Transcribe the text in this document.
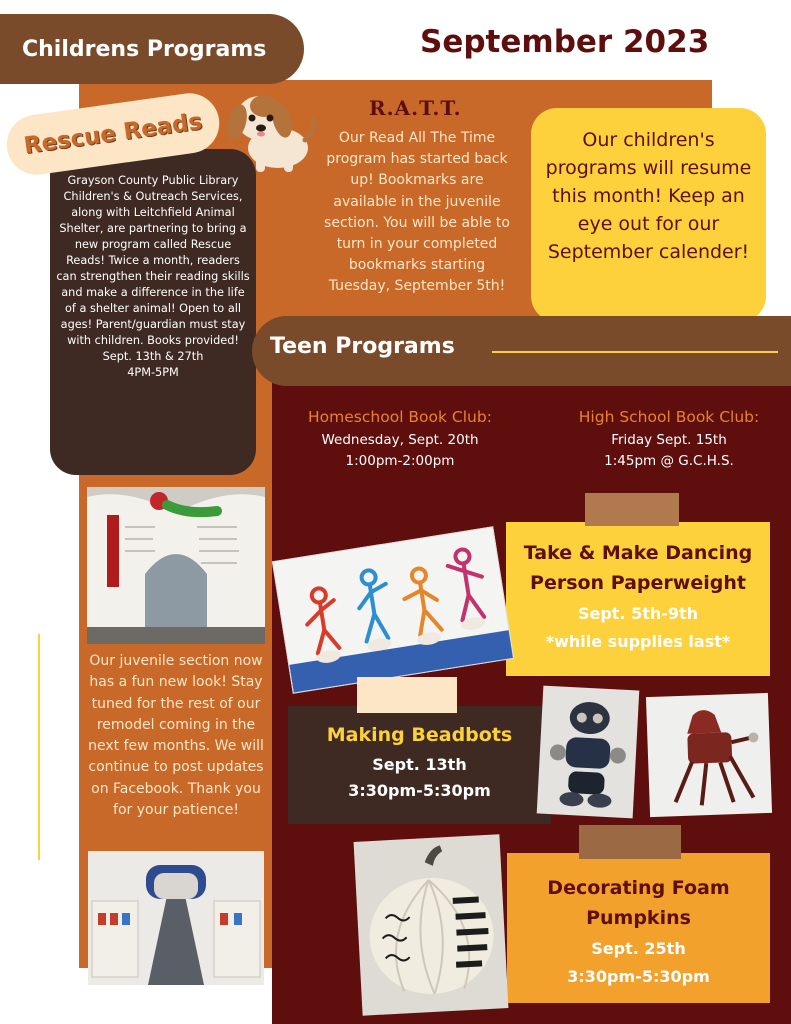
Childrens Programs	September 2023

Grayson County Public Library Children's & Outreach Services, along with Leitchfield Animal Shelter, are partnering to bring a new program called Rescue Reads! Twice a month, readers can strengthen their reading skills and make a difference in the life of a shelter animal! Open to all ages! Parent/guardian must stay with children. Books provided!

Sept. 13th & 27th

4PM-5PM

Rescue Reads
R.A.T.T.
Our Read All The Time program has started back up! Bookmarks are available in the juvenile section. You will be able to turn in your completed bookmarks starting Tuesday, September 5th!
Our children's programs will resume this month! Keep an eye out for our September calender!
Teen Programs
Homeschool Book Club:
Wednesday, Sept. 20th
1:00pm-2:00pm
High School Book Club:
Friday Sept. 15th
1:45pm @ G.C.H.S.
Take & Make Dancing
Person Paperweight
Sept. 5th-9th
*while supplies last*
Making Beadbots
Sept. 13th
3:30pm-5:30pm
Decorating Foam
Pumpkins
Sept. 25th
3:30pm-5:30pm
Our juvenile section now has a fun new look! Stay tuned for the rest of our remodel coming in the next few months. We will continue to post updates on Facebook. Thank you for your patience!
